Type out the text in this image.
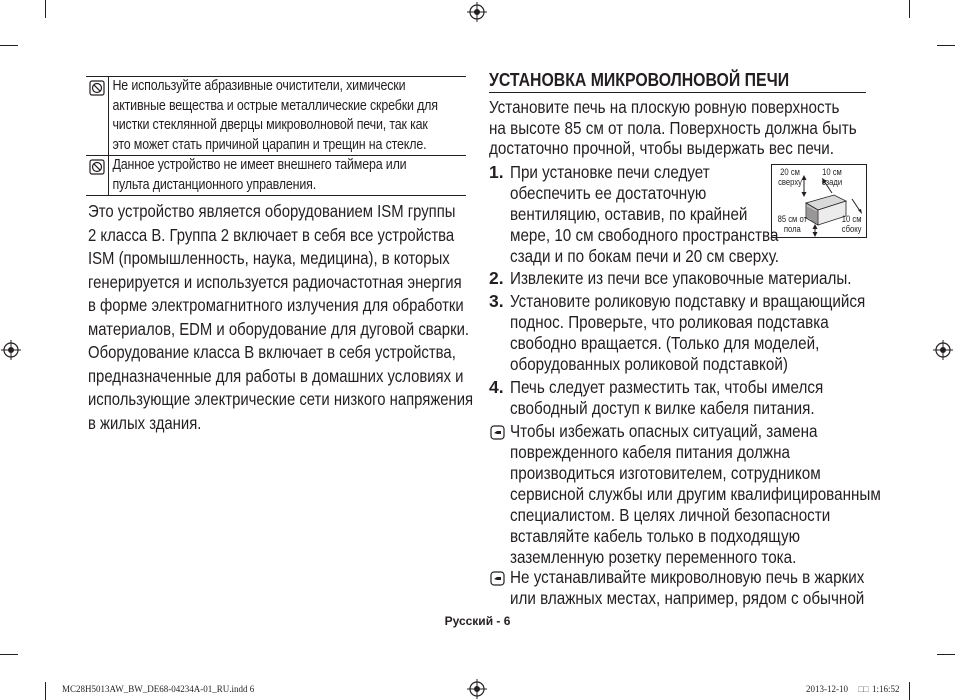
Не используйте абразивные очистители, химически
активные вещества и острые металлические скребки для
чистки стеклянной дверцы микроволновой печи, так как
это может стать причиной царапин и трещин на стекле.
Данное устройство не имеет внешнего таймера или
пульта дистанционного управления.
Это устройство является оборудованием ISM группы
2 класса B. Группа 2 включает в себя все устройства
ISM (промышленность, наука, медицина), в которых
генерируется и используется радиочастотная энергия
в форме электромагнитного излучения для обработки
материалов, EDM и оборудование для дуговой сварки.
Оборудование класса B включает в себя устройства,
предназначенные для работы в домашних условиях и
использующие электрические сети низкого напряжения
в жилых здания.
УСТАНОВКА МИКРОВОЛНОВОЙ ПЕЧИ
Установите печь на плоскую ровную поверхность
на высоте 85 см от пола. Поверхность должна быть
достаточно прочной, чтобы выдержать вес печи.
1. При установке печи следует
обеспечить ее достаточную
вентиляцию, оставив, по крайней
мере, 10 см свободного пространства
сзади и по бокам печи и 20 см сверху.
20 см
сверху
10 см
сзади
85 см от
пола
10 см
сбоку
2. Извлеките из печи все упаковочные материалы.
3. Установите роликовую подставку и вращающийся
поднос. Проверьте, что роликовая подставка
свободно вращается. (Только для моделей,
оборудованных роликовой подставкой)
4. Печь следует разместить так, чтобы имелся
свободный доступ к вилке кабеля питания.
Чтобы избежать опасных ситуаций, замена
поврежденного кабеля питания должна
производиться изготовителем, сотрудником
сервисной службы или другим квалифицированным
специалистом. В целях личной безопасности
вставляйте кабель только в подходящую
заземленную розетку переменного тока.
Не устанавливайте микроволновую печь в жарких
или влажных местах, например, рядом с обычной
Русский - 6
MC28H5013AW_BW_DE68-04234A-01_RU.indd 6	2013-12-10 □□ 1:16:52
